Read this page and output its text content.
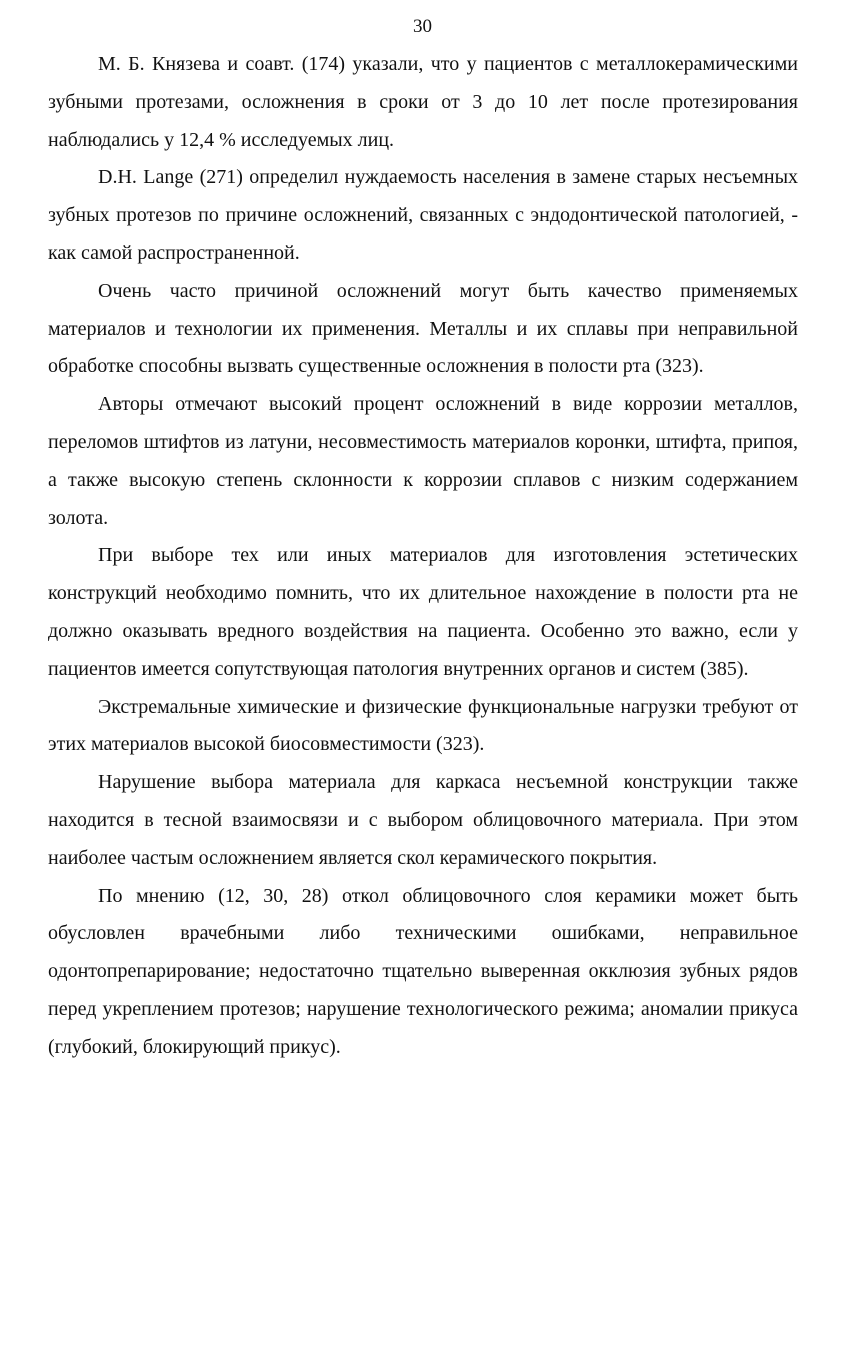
30

М. Б. Князева и соавт. (174) указали, что у пациентов с металлокерамическими зубными протезами, осложнения в сроки от 3 до 10 лет после протезирования наблюдались у 12,4 % исследуемых лиц.

D.H. Lange (271) определил нуждаемость населения в замене старых несъемных зубных протезов по причине осложнений, связанных с эндодонтической патологией, - как самой распространенной.

Очень часто причиной осложнений могут быть качество применяемых материалов и технологии их применения. Металлы и их сплавы при неправильной обработке способны вызвать существенные осложнения в полости рта (323).

Авторы отмечают высокий процент осложнений в виде коррозии металлов, переломов штифтов из латуни, несовместимость материалов коронки, штифта, припоя, а также высокую степень склонности к коррозии сплавов с низким содержанием золота.

При выборе тех или иных материалов для изготовления эстетических конструкций необходимо помнить, что их длительное нахождение в полости рта не должно оказывать вредного воздействия на пациента. Особенно это важно, если у пациентов имеется сопутствующая патология внутренних органов и систем (385).

Экстремальные химические и физические функциональные нагрузки требуют от этих материалов высокой биосовместимости (323).

Нарушение выбора материала для каркаса несъемной конструкции также находится в тесной взаимосвязи и с выбором облицовочного материала. При этом наиболее частым осложнением является скол керамического покрытия.

По мнению (12, 30, 28) откол облицовочного слоя керамики может быть обусловлен врачебными либо техническими ошибками, неправильное одонтопрепарирование; недостаточно тщательно выверенная окклюзия зубных рядов перед укреплением протезов; нарушение технологического режима; аномалии прикуса (глубокий, блокирующий прикус).
